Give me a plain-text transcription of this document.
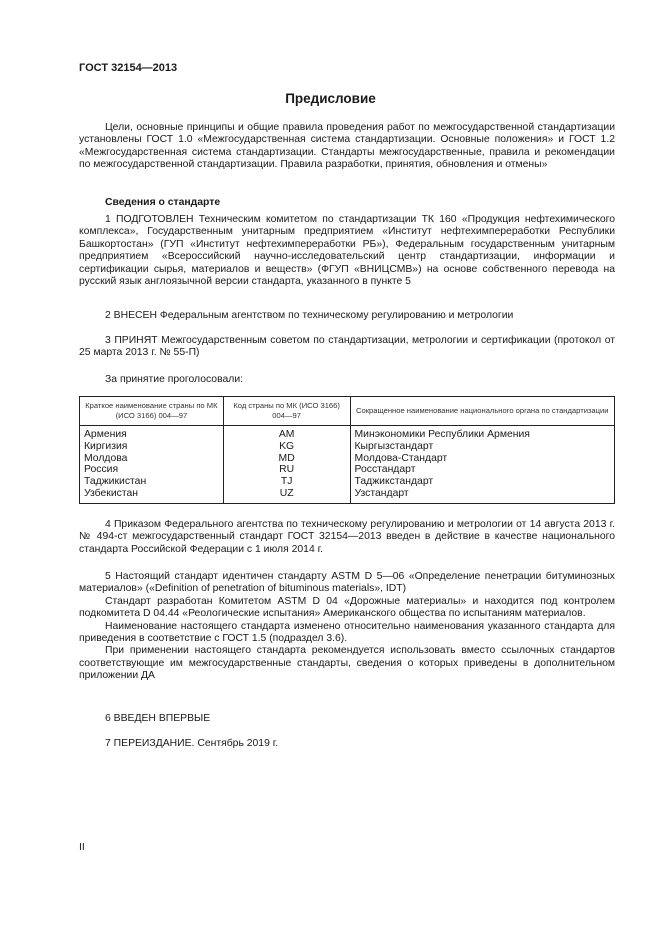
ГОСТ 32154—2013
Предисловие

Цели, основные принципы и общие правила проведения работ по межгосударственной стандартизации установлены ГОСТ 1.0 «Межгосударственная система стандартизации. Основные положения» и ГОСТ 1.2 «Межгосударственная система стандартизации. Стандарты межгосударственные, правила и рекомендации по межгосударственной стандартизации. Правила разработки, принятия, обновления и отмены»

Сведения о стандарте

1 ПОДГОТОВЛЕН Техническим комитетом по стандартизации ТК 160 «Продукция нефтехимического комплекса», Государственным унитарным предприятием «Институт нефтехимпереработки Республики Башкортостан» (ГУП «Институт нефтехимпереработки РБ»), Федеральным государственным унитарным предприятием «Всероссийский научно-исследовательский центр стандартизации, информации и сертификации сырья, материалов и веществ» (ФГУП «ВНИЦСМВ») на основе собственного перевода на русский язык англоязычной версии стандарта, указанного в пункте 5

2 ВНЕСЕН Федеральным агентством по техническому регулированию и метрологии

3 ПРИНЯТ Межгосударственным советом по стандартизации, метрологии и сертификации (протокол от 25 марта 2013 г. № 55-П)

За принятие проголосовали:

Краткое наименование страны по МК (ИСО 3166) 004—97	Код страны по МК (ИСО 3166) 004—97	Сокращенное наименование национального органа по стандартизации
Армения	AM	Минэкономики Республики Армения
Киргизия	KG	Кыргызстандарт
Молдова	MD	Молдова-Стандарт
Россия	RU	Росстандарт
Таджикистан	TJ	Таджикстандарт
Узбекистан	UZ	Узстандарт

4 Приказом Федерального агентства по техническому регулированию и метрологии от 14 августа 2013 г. № 494-ст межгосударственный стандарт ГОСТ 32154—2013 введен в действие в качестве национального стандарта Российской Федерации с 1 июля 2014 г.

5 Настоящий стандарт идентичен стандарту ASTM D 5—06 «Определение пенетрации битуминозных материалов» («Definition of penetration of bituminous materials», IDT)

Стандарт разработан Комитетом ASTM D 04 «Дорожные материалы» и находится под контролем подкомитета D 04.44 «Реологические испытания» Американского общества по испытаниям материалов.

Наименование настоящего стандарта изменено относительно наименования указанного стандарта для приведения в соответствие с ГОСТ 1.5 (подраздел 3.6).

При применении настоящего стандарта рекомендуется использовать вместо ссылочных стандартов соответствующие им межгосударственные стандарты, сведения о которых приведены в дополнительном приложении ДА

6 ВВЕДЕН ВПЕРВЫЕ

7 ПЕРЕИЗДАНИЕ. Сентябрь 2019 г.

II
